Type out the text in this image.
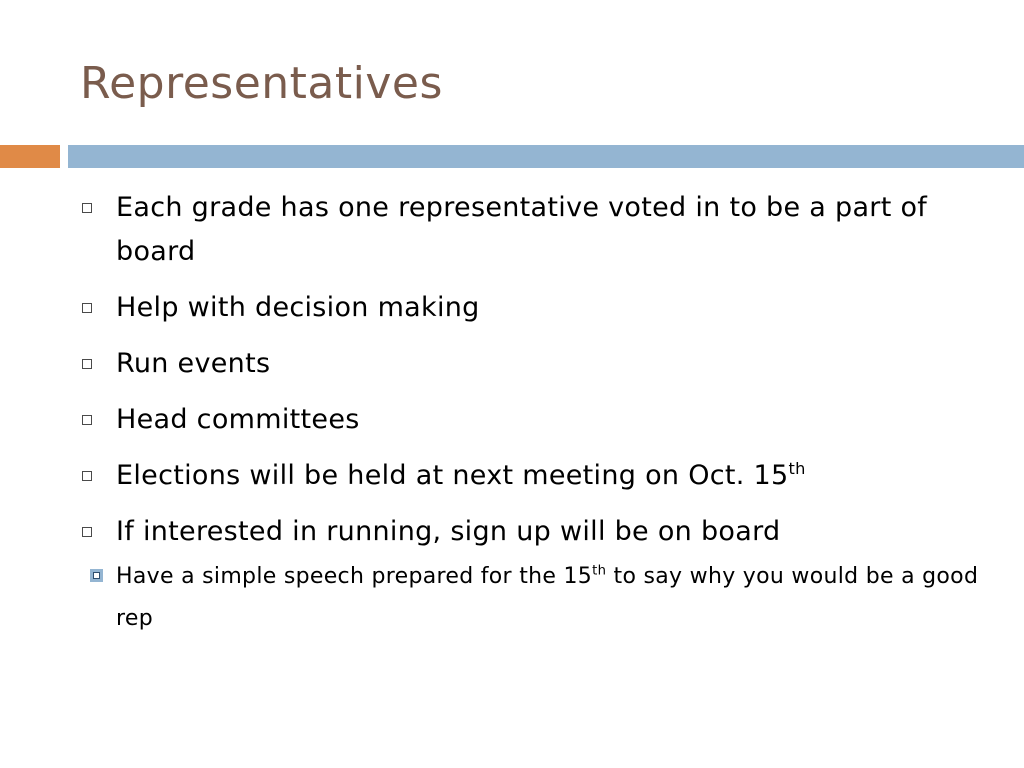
Representatives
Each grade has one representative voted in to be a part of board
Help with decision making
Run events
Head committees
Elections will be held at next meeting on Oct. 15th
If interested in running, sign up will be on board
Have a simple speech prepared for the 15th to say why you would be a good rep
